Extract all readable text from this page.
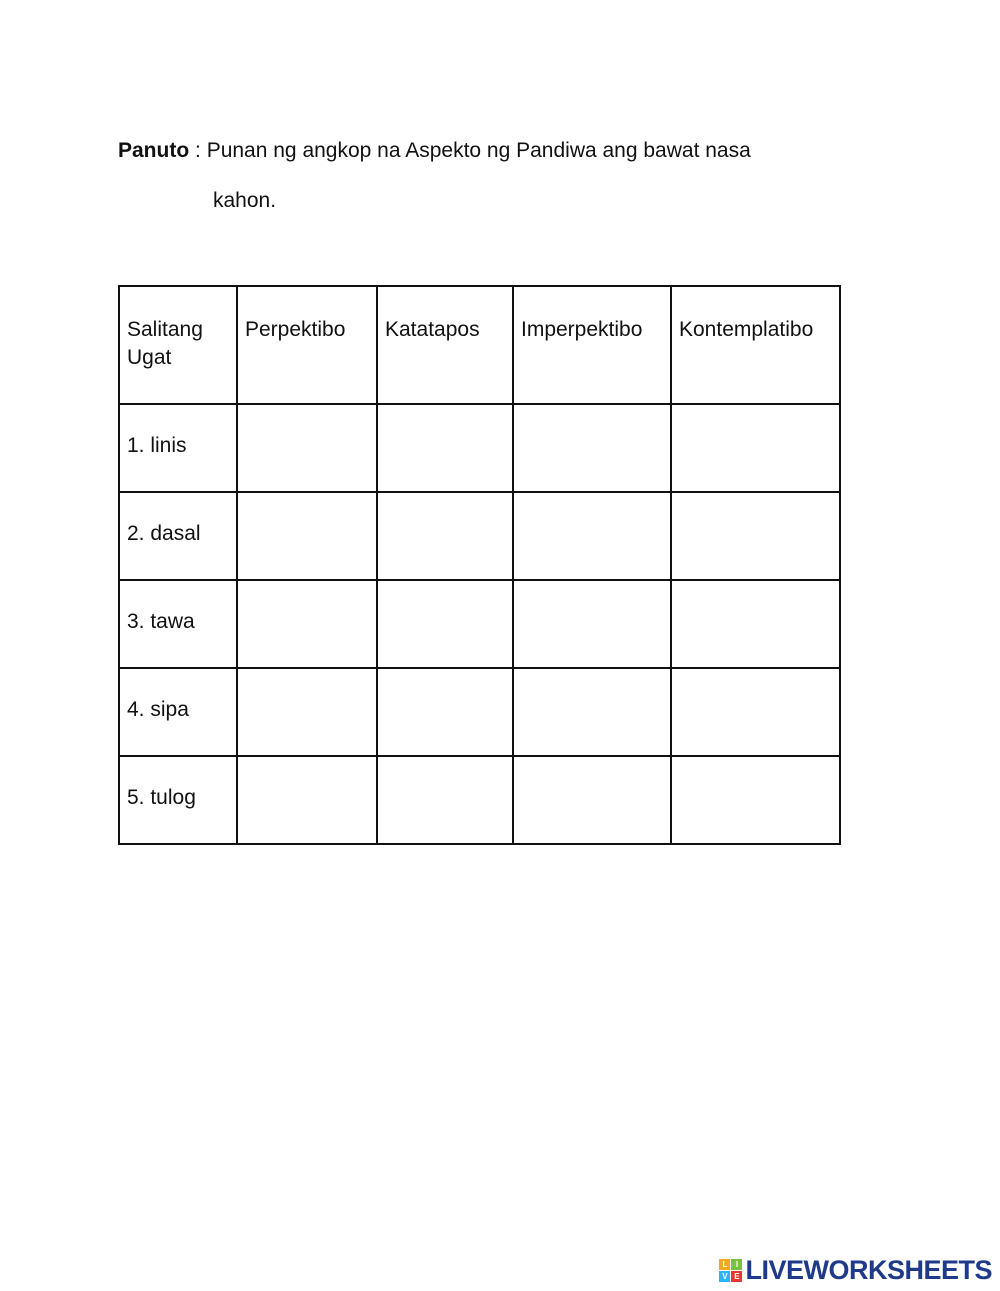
Panuto : Punan ng angkop na Aspekto ng Pandiwa ang bawat nasa
kahon.
Salitang Ugat	Perpektibo	Katatapos	Imperpektibo	Kontemplatibo
1. linis				
2. dasal				
3. tawa				
4. sipa				
5. tulog				
L	I
V E LIVEWORKSHEETS
